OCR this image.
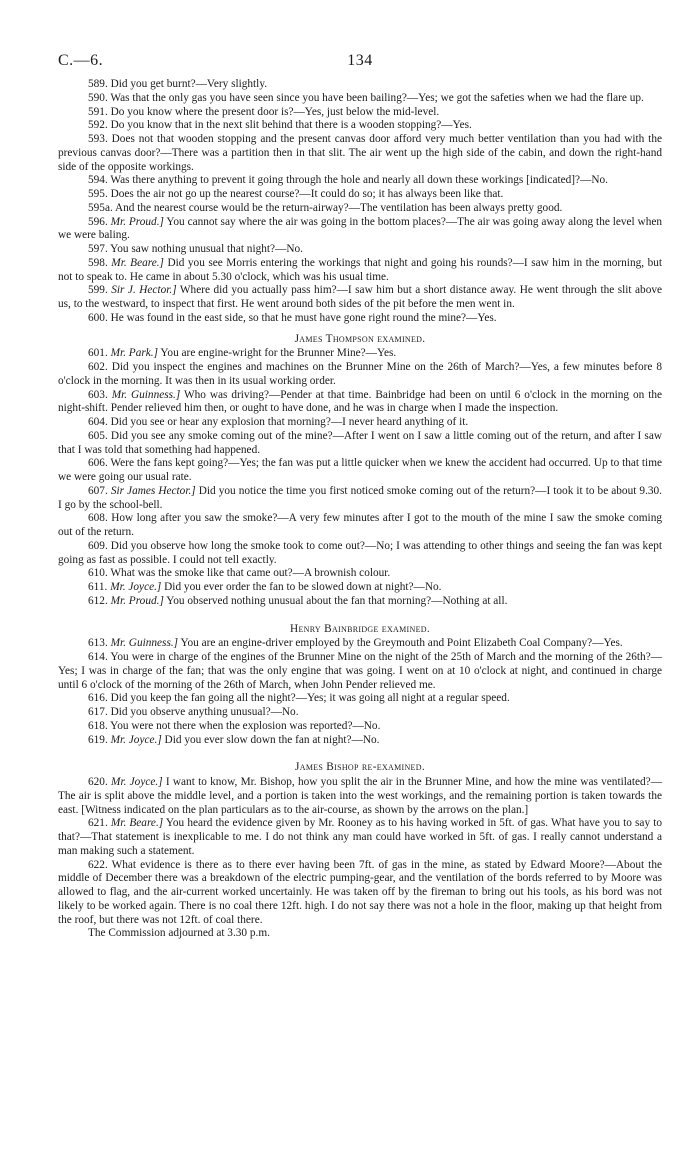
C.—6.	134

589. Did you get burnt?—Very slightly.

590. Was that the only gas you have seen since you have been bailing?—Yes; we got the safeties when we had the flare up.

591. Do you know where the present door is?—Yes, just below the mid-level.

592. Do you know that in the next slit behind that there is a wooden stopping?—Yes.

593. Does not that wooden stopping and the present canvas door afford very much better ventilation than you had with the previous canvas door?—There was a partition then in that slit. The air went up the high side of the cabin, and down the right-hand side of the opposite workings.

594. Was there anything to prevent it going through the hole and nearly all down these workings [indicated]?—No.

595. Does the air not go up the nearest course?—It could do so; it has always been like that.

595a. And the nearest course would be the return-airway?—The ventilation has been always pretty good.

596. Mr. Proud.] You cannot say where the air was going in the bottom places?—The air was going away along the level when we were baling.

597. You saw nothing unusual that night?—No.

598. Mr. Beare.] Did you see Morris entering the workings that night and going his rounds?—I saw him in the morning, but not to speak to. He came in about 5.30 o'clock, which was his usual time.

599. Sir J. Hector.] Where did you actually pass him?—I saw him but a short distance away. He went through the slit above us, to the westward, to inspect that first. He went around both sides of the pit before the men went in.

600. He was found in the east side, so that he must have gone right round the mine?—Yes.

James Thompson examined.

601. Mr. Park.] You are engine-wright for the Brunner Mine?—Yes.

602. Did you inspect the engines and machines on the Brunner Mine on the 26th of March?—Yes, a few minutes before 8 o'clock in the morning. It was then in its usual working order.

603. Mr. Guinness.] Who was driving?—Pender at that time. Bainbridge had been on until 6 o'clock in the morning on the night-shift. Pender relieved him then, or ought to have done, and he was in charge when I made the inspection.

604. Did you see or hear any explosion that morning?—I never heard anything of it.

605. Did you see any smoke coming out of the mine?—After I went on I saw a little coming out of the return, and after I saw that I was told that something had happened.

606. Were the fans kept going?—Yes; the fan was put a little quicker when we knew the accident had occurred. Up to that time we were going our usual rate.

607. Sir James Hector.] Did you notice the time you first noticed smoke coming out of the return?—I took it to be about 9.30. I go by the school-bell.

608. How long after you saw the smoke?—A very few minutes after I got to the mouth of the mine I saw the smoke coming out of the return.

609. Did you observe how long the smoke took to come out?—No; I was attending to other things and seeing the fan was kept going as fast as possible. I could not tell exactly.

610. What was the smoke like that came out?—A brownish colour.

611. Mr. Joyce.] Did you ever order the fan to be slowed down at night?—No.

612. Mr. Proud.] You observed nothing unusual about the fan that morning?—Nothing at all.

Henry Bainbridge examined.

613. Mr. Guinness.] You are an engine-driver employed by the Greymouth and Point Elizabeth Coal Company?—Yes.

614. You were in charge of the engines of the Brunner Mine on the night of the 25th of March and the morning of the 26th?—Yes; I was in charge of the fan; that was the only engine that was going. I went on at 10 o'clock at night, and continued in charge until 6 o'clock of the morning of the 26th of March, when John Pender relieved me.

616. Did you keep the fan going all the night?—Yes; it was going all night at a regular speed.

617. Did you observe anything unusual?—No.

618. You were not there when the explosion was reported?—No.

619. Mr. Joyce.] Did you ever slow down the fan at night?—No.

James Bishop re-examined.

620. Mr. Joyce.] I want to know, Mr. Bishop, how you split the air in the Brunner Mine, and how the mine was ventilated?—The air is split above the middle level, and a portion is taken into the west workings, and the remaining portion is taken towards the east. [Witness indicated on the plan particulars as to the air-course, as shown by the arrows on the plan.]

621. Mr. Beare.] You heard the evidence given by Mr. Rooney as to his having worked in 5ft. of gas. What have you to say to that?—That statement is inexplicable to me. I do not think any man could have worked in 5ft. of gas. I really cannot understand a man making such a statement.

622. What evidence is there as to there ever having been 7ft. of gas in the mine, as stated by Edward Moore?—About the middle of December there was a breakdown of the electric pumping-gear, and the ventilation of the bords referred to by Moore was allowed to flag, and the air-current worked uncertainly. He was taken off by the fireman to bring out his tools, as his bord was not likely to be worked again. There is no coal there 12ft. high. I do not say there was not a hole in the floor, making up that height from the roof, but there was not 12ft. of coal there.

The Commission adjourned at 3.30 p.m.
